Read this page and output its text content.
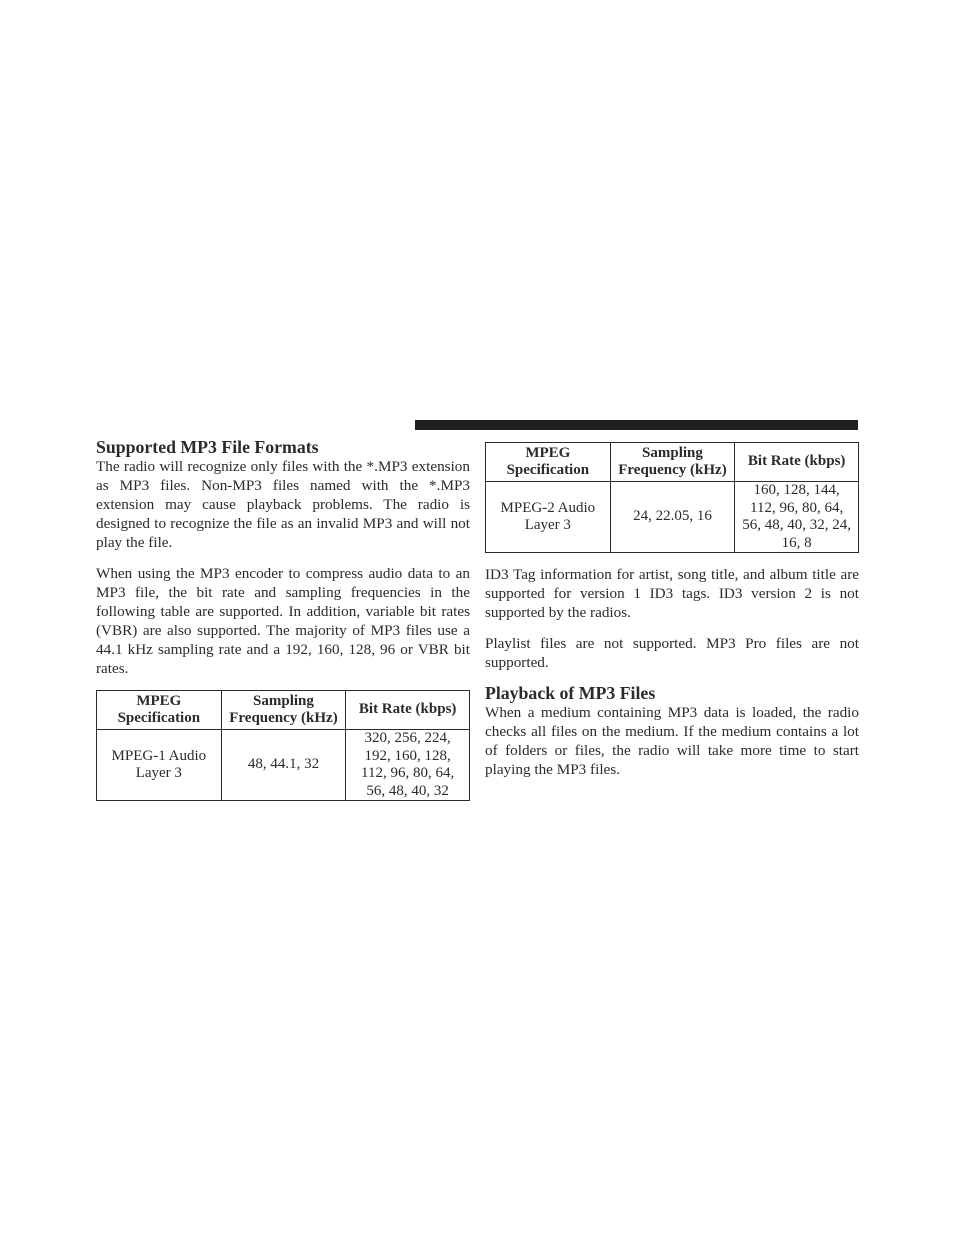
Supported MP3 File Formats

The radio will recognize only files with the *.MP3 extension as MP3 files. Non-MP3 files named with the *.MP3 extension may cause playback problems. The radio is designed to recognize the file as an invalid MP3 and will not play the file.

When using the MP3 encoder to compress audio data to an MP3 file, the bit rate and sampling frequencies in the following table are supported. In addition, variable bit rates (VBR) are also supported. The majority of MP3 files use a 44.1 kHz sampling rate and a 192, 160, 128, 96 or VBR bit rates.

MPEG Specification	Sampling Frequency (kHz)	Bit Rate (kbps)
MPEG-1 Audio Layer 3	48, 44.1, 32	320, 256, 224, 192, 160, 128, 112, 96, 80, 64, 56, 48, 40, 32
MPEG Specification	Sampling Frequency (kHz)	Bit Rate (kbps)
MPEG-2 Audio Layer 3	24, 22.05, 16	160, 128, 144, 112, 96, 80, 64, 56, 48, 40, 32, 24, 16, 8

ID3 Tag information for artist, song title, and album title are supported for version 1 ID3 tags. ID3 version 2 is not supported by the radios.

Playlist files are not supported. MP3 Pro files are not supported.

Playback of MP3 Files

When a medium containing MP3 data is loaded, the radio checks all files on the medium. If the medium contains a lot of folders or files, the radio will take more time to start playing the MP3 files.
